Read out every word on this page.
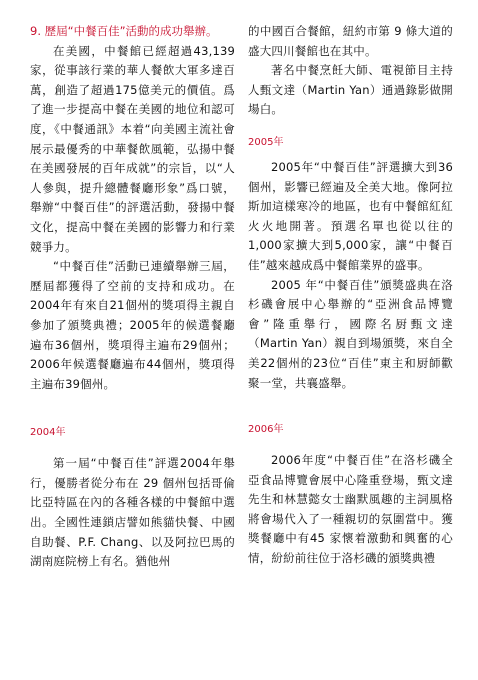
9. 歷屆“中餐百佳”活動的成功舉辦。

在美國，中餐館已經超過43,139家，從事該行業的華人餐飲大軍多達百萬，創造了超過175億美元的價值。爲了進一步提高中餐在美國的地位和認可度，《中餐通訊》本着“向美國主流社會展示最優秀的中華餐飲風範，弘揚中餐在美國發展的百年成就”的宗旨，以“人人參與，提升總體餐廳形象”爲口號，舉辦“中餐百佳”的評選活動，發揚中餐文化，提高中餐在美國的影響力和行業競爭力。

“中餐百佳”活動已連續舉辦三屆，歷屆都獲得了空前的支持和成功。在2004年有來自21個州的獎項得主親自參加了頒獎典禮；2005年的候選餐廳遍布36個州，獎項得主遍布29個州；2006年候選餐廳遍布44個州，獎項得主遍布39個州。

2004年

第一屆“中餐百佳”評選2004年舉行，優勝者從分布在 29 個州包括哥倫比亞特區在內的各種各樣的中餐館中選出。全國性連鎖店譬如熊貓快餐、中國自助餐、P.F. Chang、以及阿拉巴馬的湖南庭院榜上有名。猶他州

的中國百合餐館，紐約市第 9 條大道的盛大四川餐館也在其中。

著名中餐烹飪大師、電視節目主持人甄文達（Martin Yan）通過錄影做開場白。

2005年

2005年“中餐百佳”評選擴大到36個州，影響已經遍及全美大地。像阿拉斯加這樣寒冷的地區，也有中餐館紅紅火火地開著。預選名單也從以往的1,000家擴大到5,000家，讓“中餐百佳”越來越成爲中餐館業界的盛事。

2005 年“中餐百佳”頒獎盛典在洛杉磯會展中心舉辦的“亞洲食品博覽會”隆重舉行，國際名厨甄文達（Martin Yan）親自到場頒獎，來自全美22個州的23位“百佳”東主和厨師歡聚一堂，共襄盛舉。

2006年

2006年度“中餐百佳”在洛杉磯全亞食品博覽會展中心隆重登場，甄文達先生和林慧懿女士幽默風趣的主詞風格將會場代入了一種親切的氛圍當中。獲獎餐廳中有45 家懷着激動和興奮的心情，紛紛前往位于洛杉磯的頒獎典禮
